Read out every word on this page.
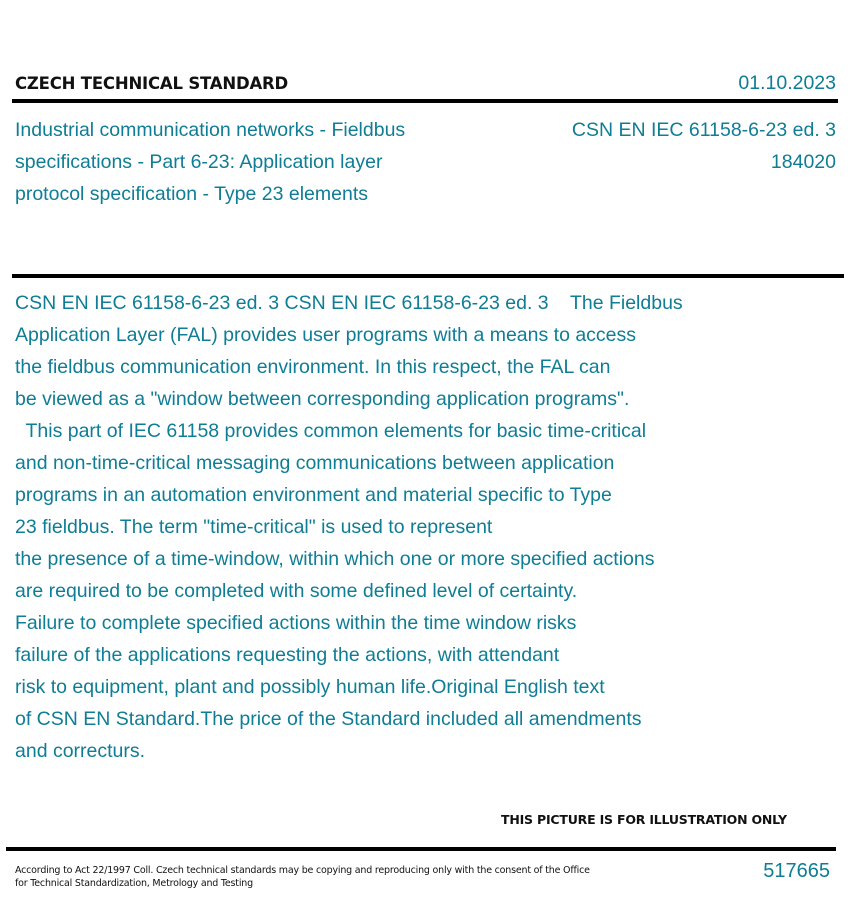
CZECH TECHNICAL STANDARD	01.10.2023
Industrial communication networks - Fieldbus
specifications - Part 6-23: Application layer
protocol specification - Type 23 elements
CSN EN IEC 61158-6-23 ed. 3
184020
CSN EN IEC 61158-6-23 ed. 3 CSN EN IEC 61158-6-23 ed. 3    The Fieldbus
Application Layer (FAL) provides user programs with a means to access
the fieldbus communication environment. In this respect, the FAL can
be viewed as a "window between corresponding application programs".
This part of IEC 61158 provides common elements for basic time-critical
and non-time-critical messaging communications between application
programs in an automation environment and material specific to Type
23 fieldbus. The term "time-critical" is used to represent
the presence of a time-window, within which one or more specified actions
are required to be completed with some defined level of certainty.
Failure to complete specified actions within the time window risks
failure of the applications requesting the actions, with attendant
risk to equipment, plant and possibly human life.Original English text
of CSN EN Standard.The price of the Standard included all amendments
and correcturs.
THIS PICTURE IS FOR ILLUSTRATION ONLY
According to Act 22/1997 Coll. Czech technical standards may be copying and reproducing only with the consent of the Office
for Technical Standardization, Metrology and Testing
517665
